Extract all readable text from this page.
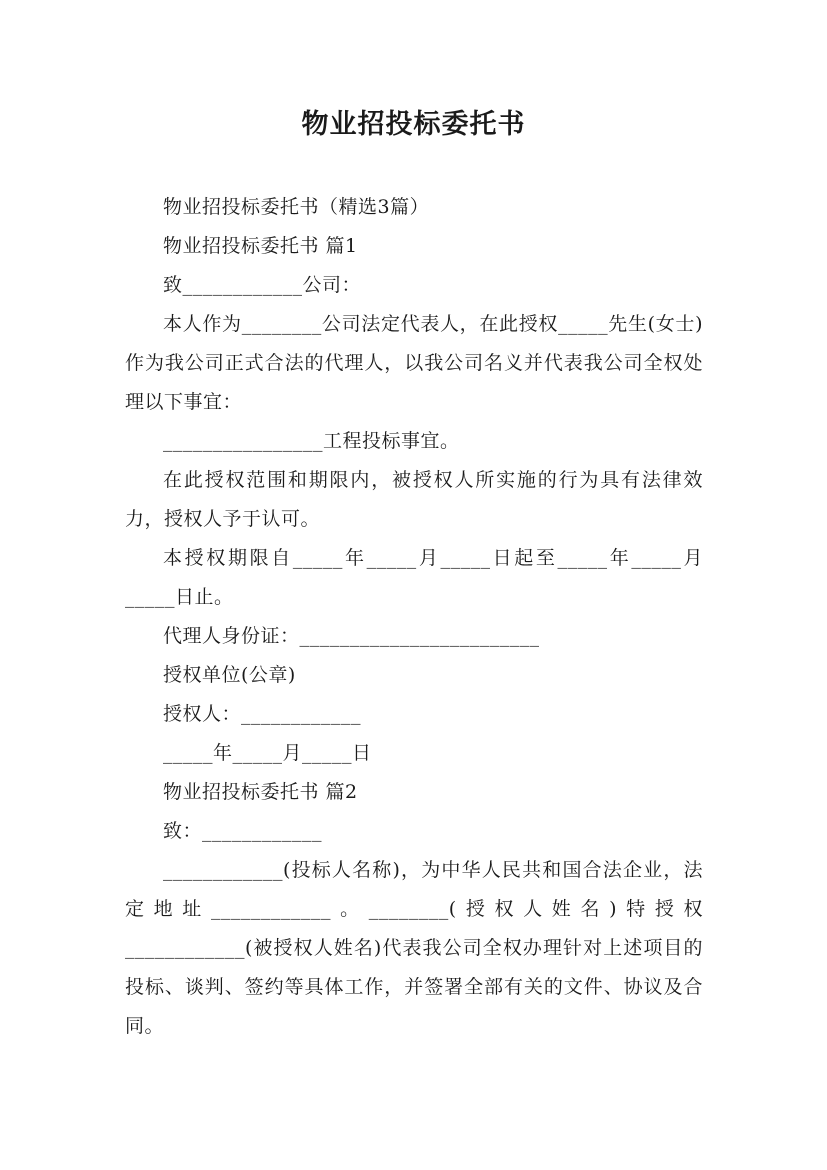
物业招投标委托书

物业招投标委托书（精选3篇）

物业招投标委托书 篇1

致____________公司：

本人作为________公司法定代表人，在此授权_____先生(女士)作为我公司正式合法的代理人，以我公司名义并代表我公司全权处理以下事宜：

________________工程投标事宜。

在此授权范围和期限内，被授权人所实施的行为具有法律效力，授权人予于认可。

本授权期限自_____年_____月_____日起至_____年_____月_____日止。

代理人身份证：________________________

授权单位(公章)

授权人：____________

_____年_____月_____日

物业招投标委托书 篇2

致：____________

____________(投标人名称)，为中华人民共和国合法企业，法定地址____________。________(授权人姓名)特授权____________(被授权人姓名)代表我公司全权办理针对上述项目的投标、谈判、签约等具体工作，并签署全部有关的文件、协议及合同。
